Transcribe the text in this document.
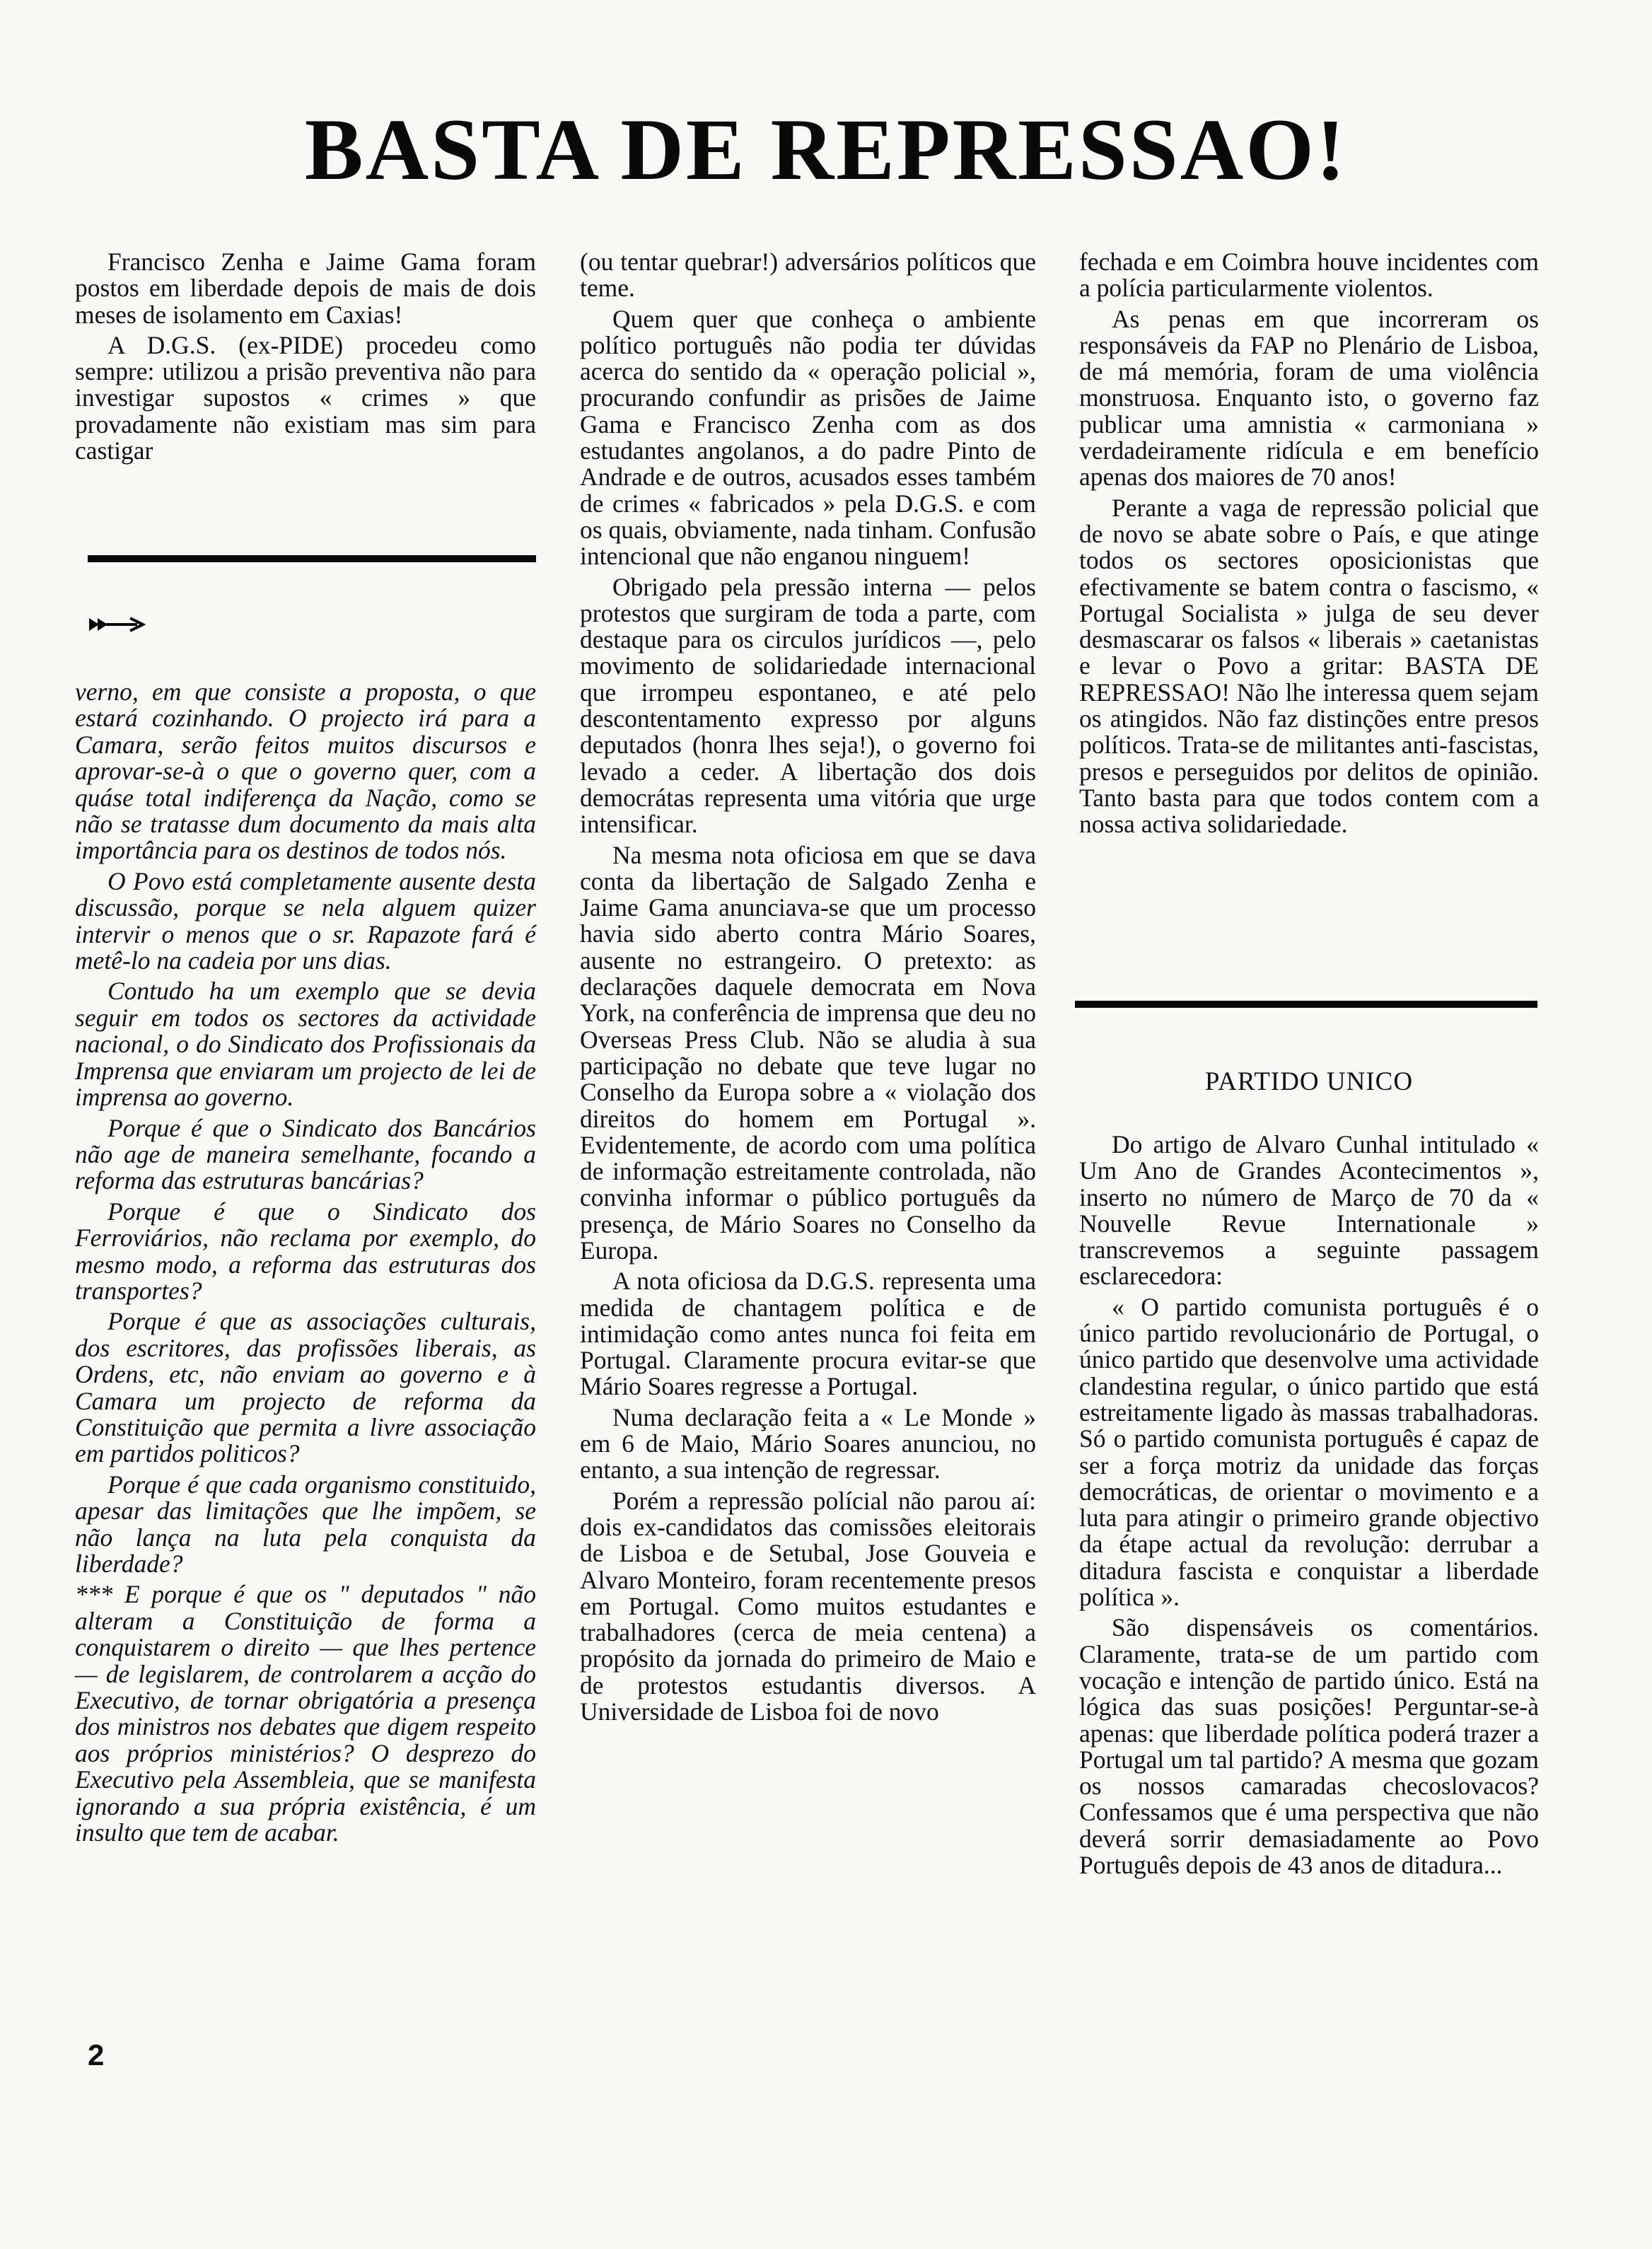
BASTA DE REPRESSAO!

Francisco Zenha e Jaime Gama foram postos em liberdade depois de mais de dois meses de isolamento em Caxias!

A D.G.S. (ex-PIDE) procedeu como sempre: utilizou a prisão preventiva não para investigar supostos « crimes » que provadamente não existiam mas sim para castigar

verno, em que consiste a proposta, o que estará cozinhando. O projecto irá para a Camara, serão feitos muitos discursos e aprovar-se-à o que o governo quer, com a quáse total indiferença da Nação, como se não se tratasse dum documento da mais alta importância para os destinos de todos nós.

O Povo está completamente ausente desta discussão, porque se nela alguem quizer intervir o menos que o sr. Rapazote fará é metê-lo na cadeia por uns dias.

Contudo ha um exemplo que se devia seguir em todos os sectores da actividade nacional, o do Sindicato dos Profissionais da Imprensa que enviaram um projecto de lei de imprensa ao governo.

Porque é que o Sindicato dos Bancários não age de maneira semelhante, focando a reforma das estruturas bancárias?

Porque é que o Sindicato dos Ferroviários, não reclama por exemplo, do mesmo modo, a reforma das estruturas dos transportes?

Porque é que as associações culturais, dos escritores, das profissões liberais, as Ordens, etc, não enviam ao governo e à Camara um projecto de reforma da Constituição que permita a livre associação em partidos politicos?

Porque é que cada organismo constituido, apesar das limitações que lhe impõem, se não lança na luta pela conquista da liberdade?

*** E porque é que os " deputados " não alteram a Constituição de forma a conquistarem o direito — que lhes pertence — de legislarem, de controlarem a acção do Executivo, de tornar obrigatória a presença dos ministros nos debates que digem respeito aos próprios ministérios? O desprezo do Executivo pela Assembleia, que se manifesta ignorando a sua própria existência, é um insulto que tem de acabar.

(ou tentar quebrar!) adversários políticos que teme.

Quem quer que conheça o ambiente político português não podia ter dúvidas acerca do sentido da « operação policial », procurando confundir as prisões de Jaime Gama e Francisco Zenha com as dos estudantes angolanos, a do padre Pinto de Andrade e de outros, acusados esses também de crimes « fabricados » pela D.G.S. e com os quais, obviamente, nada tinham. Confusão intencional que não enganou ninguem!

Obrigado pela pressão interna — pelos protestos que surgiram de toda a parte, com destaque para os circulos jurídicos —, pelo movimento de solidariedade internacional que irrompeu espontaneo, e até pelo descontentamento expresso por alguns deputados (honra lhes seja!), o governo foi levado a ceder. A libertação dos dois democrátas representa uma vitória que urge intensificar.

Na mesma nota oficiosa em que se dava conta da libertação de Salgado Zenha e Jaime Gama anunciava-se que um processo havia sido aberto contra Mário Soares, ausente no estrangeiro. O pretexto: as declarações daquele democrata em Nova York, na conferência de imprensa que deu no Overseas Press Club. Não se aludia à sua participação no debate que teve lugar no Conselho da Europa sobre a « violação dos direitos do homem em Portugal ». Evidentemente, de acordo com uma política de informação estreitamente controlada, não convinha informar o público português da presença, de Mário Soares no Conselho da Europa.

A nota oficiosa da D.G.S. representa uma medida de chantagem política e de intimidação como antes nunca foi feita em Portugal. Claramente procura evitar-se que Mário Soares regresse a Portugal.

Numa declaração feita a « Le Monde » em 6 de Maio, Mário Soares anunciou, no entanto, a sua intenção de regressar.

Porém a repressão polícial não parou aí: dois ex-candidatos das comissões eleitorais de Lisboa e de Setubal, Jose Gouveia e Alvaro Monteiro, foram recentemente presos em Portugal. Como muitos estudantes e trabalhadores (cerca de meia centena) a propósito da jornada do primeiro de Maio e de protestos estudantis diversos. A Universidade de Lisboa foi de novo

fechada e em Coimbra houve incidentes com a polícia particularmente violentos.

As penas em que incorreram os responsáveis da FAP no Plenário de Lisboa, de má memória, foram de uma violência monstruosa. Enquanto isto, o governo faz publicar uma amnistia « carmoniana » verdadeiramente ridícula e em benefício apenas dos maiores de 70 anos!

Perante a vaga de repressão policial que de novo se abate sobre o País, e que atinge todos os sectores oposicionistas que efectivamente se batem contra o fascismo, « Portugal Socialista » julga de seu dever desmascarar os falsos « liberais » caetanistas e levar o Povo a gritar: BASTA DE REPRESSAO! Não lhe interessa quem sejam os atingidos. Não faz distinções entre presos políticos. Trata-se de militantes anti-fascistas, presos e perseguidos por delitos de opinião. Tanto basta para que todos contem com a nossa activa solidariedade.

PARTIDO UNICO

Do artigo de Alvaro Cunhal intitulado « Um Ano de Grandes Acontecimentos », inserto no número de Março de 70 da « Nouvelle Revue Internationale » transcrevemos a seguinte passagem esclarecedora:

« O partido comunista português é o único partido revolucionário de Portugal, o único partido que desenvolve uma actividade clandestina regular, o único partido que está estreitamente ligado às massas trabalhadoras. Só o partido comunista português é capaz de ser a força motriz da unidade das forças democráticas, de orientar o movimento e a luta para atingir o primeiro grande objectivo da étape actual da revolução: derrubar a ditadura fascista e conquistar a liberdade política ».

São dispensáveis os comentários. Claramente, trata-se de um partido com vocação e intenção de partido único. Está na lógica das suas posições! Perguntar-se-à apenas: que liberdade política poderá trazer a Portugal um tal partido? A mesma que gozam os nossos camaradas checoslovacos? Confessamos que é uma perspectiva que não deverá sorrir demasiadamente ao Povo Português depois de 43 anos de ditadura...

2
